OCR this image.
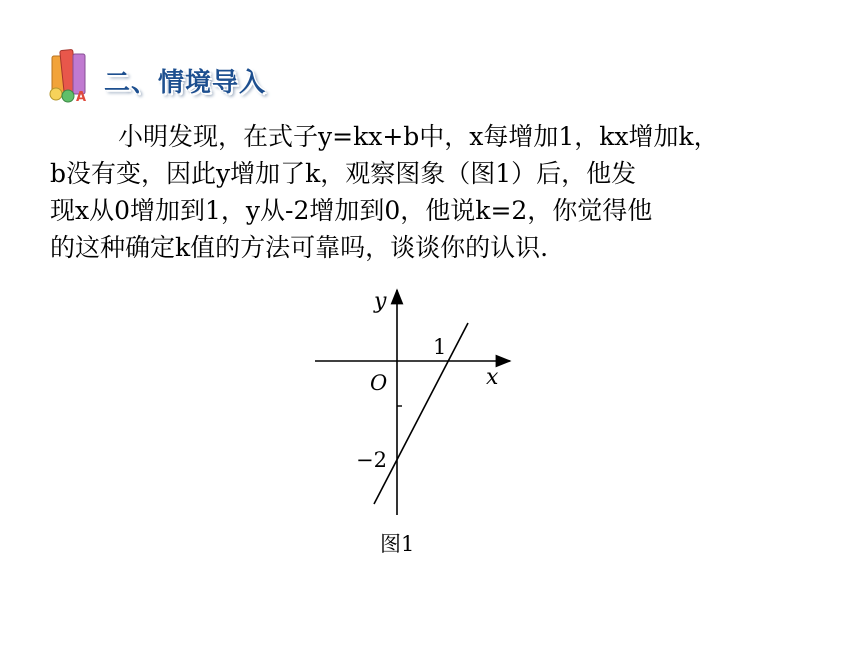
A 二、情境导入

小明发现，在式子y=kx+b中，x每增加1，kx增加k，

b没有变，因此y增加了k，观察图象（图1）后，他发

现x从0增加到1，y从-2增加到0，他说k=2，你觉得他

的这种确定k值的方法可靠吗，谈谈你的认识.

y
x
O
1
−2
图1
